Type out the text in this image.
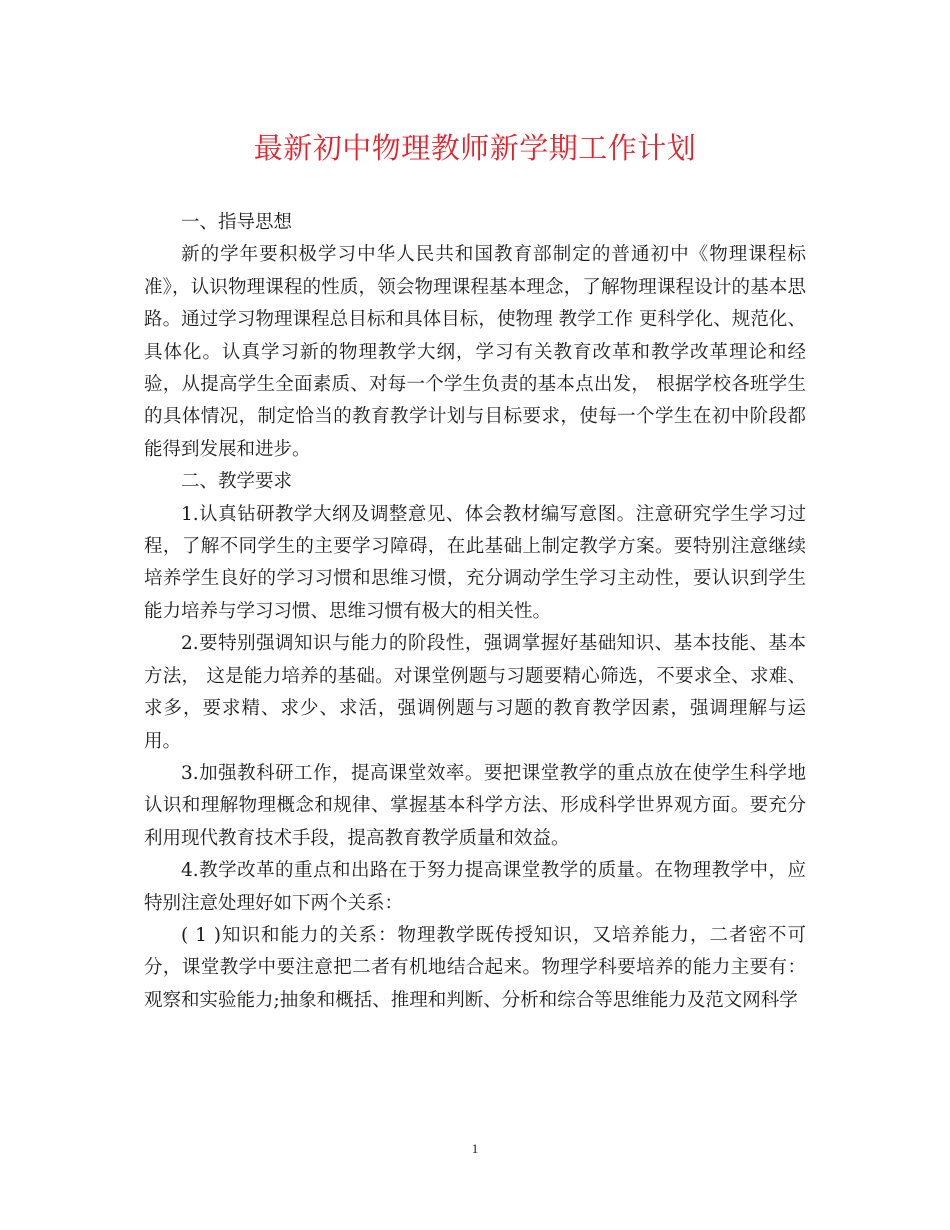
最新初中物理教师新学期工作计划

一、指导思想

新的学年要积极学习中华人民共和国教育部制定的普通初中《物理课程标准》，认识物理课程的性质，领会物理课程基本理念，了解物理课程设计的基本思路。通过学习物理课程总目标和具体目标，使物理 教学工作 更科学化、规范化、具体化。认真学习新的物理教学大纲，学习有关教育改革和教学改革理论和经验，从提高学生全面素质、对每一个学生负责的基本点出发， 根据学校各班学生的具体情况，制定恰当的教育教学计划与目标要求，使每一个学生在初中阶段都能得到发展和进步。

二、教学要求

1.认真钻研教学大纲及调整意见、体会教材编写意图。注意研究学生学习过程，了解不同学生的主要学习障碍，在此基础上制定教学方案。要特别注意继续培养学生良好的学习习惯和思维习惯，充分调动学生学习主动性，要认识到学生能力培养与学习习惯、思维习惯有极大的相关性。

2.要特别强调知识与能力的阶段性，强调掌握好基础知识、基本技能、基本方法， 这是能力培养的基础。对课堂例题与习题要精心筛选，不要求全、求难、求多，要求精、求少、求活，强调例题与习题的教育教学因素，强调理解与运用。

3.加强教科研工作，提高课堂效率。要把课堂教学的重点放在使学生科学地认识和理解物理概念和规律、掌握基本科学方法、形成科学世界观方面。要充分利用现代教育技术手段，提高教育教学质量和效益。

4.教学改革的重点和出路在于努力提高课堂教学的质量。在物理教学中，应特别注意处理好如下两个关系：

( 1 )知识和能力的关系：物理教学既传授知识，又培养能力，二者密不可分，课堂教学中要注意把二者有机地结合起来。物理学科要培养的能力主要有：观察和实验能力;抽象和概括、推理和判断、分析和综合等思维能力及范文网科学

1
